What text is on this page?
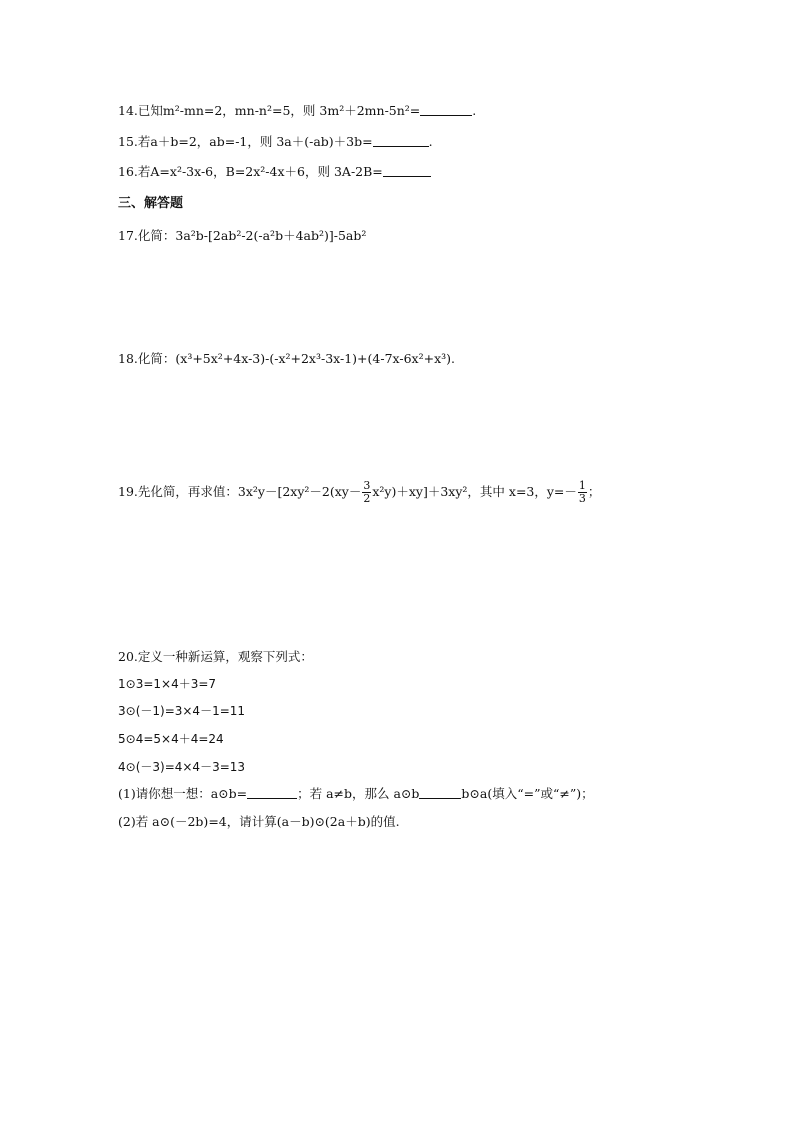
14.已知m²-mn=2，mn-n²=5，则 3m²＋2mn-5n²=	.
15.若a＋b=2，ab=-1，则 3a＋(-ab)＋3b=	.
16.若A=x²-3x-6，B=2x²-4x＋6，则 3A-2B=
三、解答题
17.化简：3a²b-[2ab²-2(-a²b＋4ab²)]-5ab²
18.化简：(x³+5x²+4x-3)-(-x²+2x³-3x-1)+(4-7x-6x²+x³).
19.先化简，再求值：$3x^2y-[2xy^2-2(xy- \frac{3}{2} x^2y)+xy]+3xy^2$，其中 x=3，$y=- \frac{1}{3}$ ；
20.定义一种新运算，观察下列式：
1⊙3=1×4＋3=7
3⊙(－1)=3×4－1=11
5⊙4=5×4＋4=24
4⊙(－3)=4×4－3=13
(1)请你想一想：a⊙b=	；若 a≠b，那么 a⊙b	b⊙a(填入“=”或“≠”)；
(2)若 a⊙(－2b)=4，请计算(a－b)⊙(2a＋b)的值.
